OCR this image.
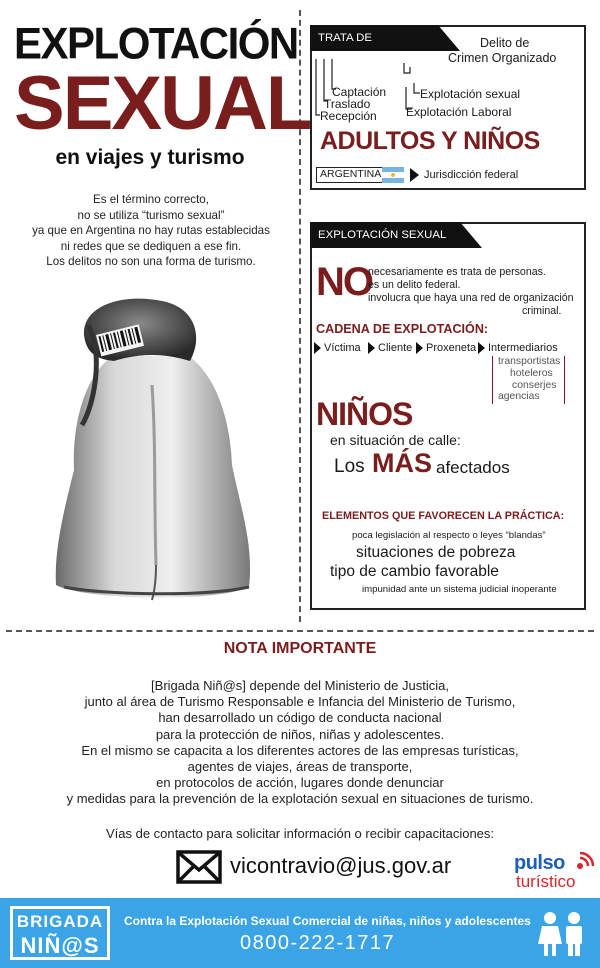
EXPLOTACIÓN
SEXUAL
en viajes y turismo
Es el término correcto,
no se utiliza “turismo sexual”
ya que en Argentina no hay rutas establecidas
ni redes que se dediquen a ese fin.
Los delitos no son una forma de turismo.
TRATA DE PERSONAS
Delito de
Crimen Organizado
Captación
Traslado
Recepción
Explotación sexual
Explotación Laboral
ADULTOS Y NIÑOS
ARGENTINA	Jurisdicción federal
EXPLOTACIÓN SEXUAL
NO
necesariamente es trata de personas.
es un delito federal.
involucra que haya una red de organización
criminal.
CADENA DE EXPLOTACIÓN:
Víctima Cliente Proxeneta Intermediarios
transportistas
hoteleros
conserjes
agencias
NIÑOS
en situación de calle:
Los MÁS afectados
ELEMENTOS QUE FAVORECEN LA PRÁCTICA:
poca legislación al respecto o leyes “blandas”
situaciones de pobreza
tipo de cambio favorable
impunidad ante un sistema judicial inoperante
NOTA IMPORTANTE
[Brigada Niñ@s] depende del Ministerio de Justicia,
junto al área de Turismo Responsable e Infancia del Ministerio de Turismo,
han desarrollado un código de conducta nacional
para la protección de niños, niñas y adolescentes.
En el mismo se capacita a los diferentes actores de las empresas turísticas,
agentes de viajes, áreas de transporte,
en protocolos de acción, lugares donde denunciar
y medidas para la prevención de la explotación sexual en situaciones de turismo.
Vías de contacto para solicitar información o recibir capacitaciones:
vicontravio@jus.gov.ar	pulso
turístico
BRIGADA
NIÑ@S
Contra la Explotación Sexual Comercial de niñas, niños y adolescentes
0800-222-1717
